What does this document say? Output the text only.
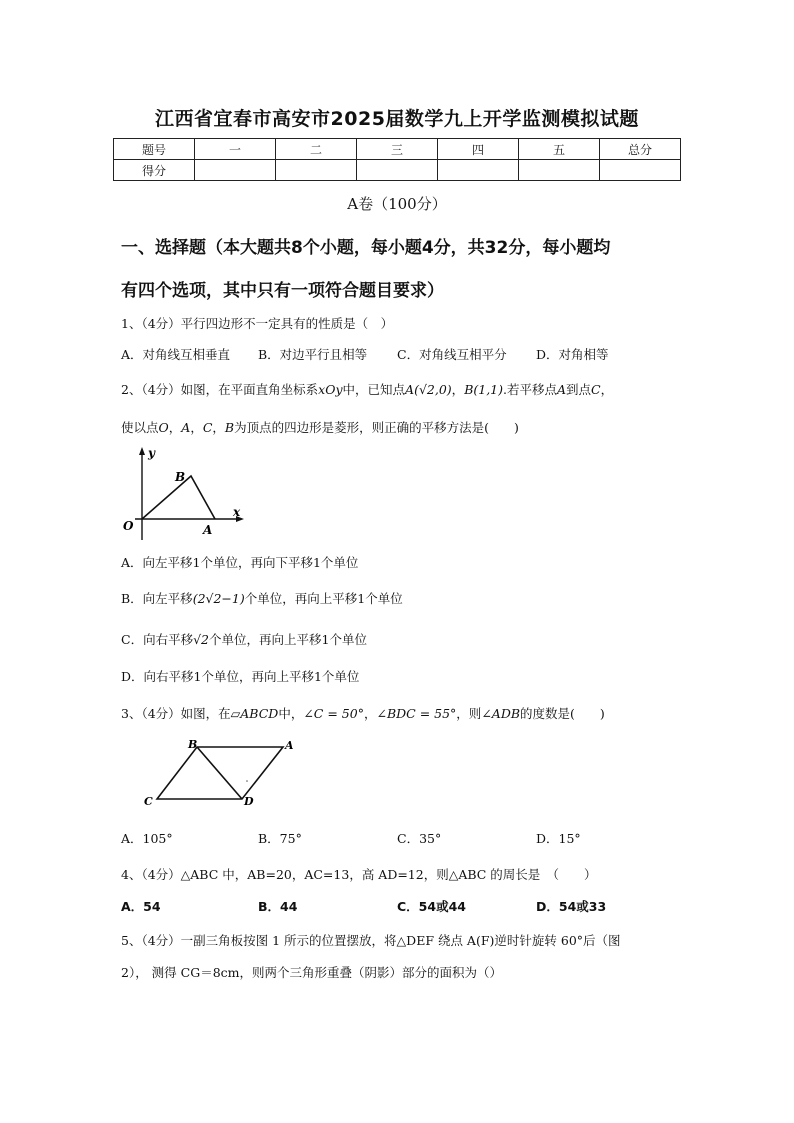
江西省宜春市高安市2025届数学九上开学监测模拟试题
题号	一	二	三	四	五	总分
得分						
A卷（100分）
一、选择题（本大题共8个小题，每小题4分，共32分，每小题均
有四个选项，其中只有一项符合题目要求）
1、（4分）平行四边形不一定具有的性质是（　）
A．对角线互相垂直 B．对边平行且相等 C．对角线互相平分 D．对角相等
2、（4分）如图，在平面直角坐标系xOy中，已知点A(√2,0)，B(1,1).若平移点A到点C，
使以点O，A，C，B为顶点的四边形是菱形，则正确的平移方法是(　　)
y
x
O	A
B
A．向左平移1个单位，再向下平移1个单位
B．向左平移(2√2−1)个单位，再向上平移1个单位
C．向右平移√2个单位，再向上平移1个单位
D．向右平移1个单位，再向上平移1个单位
3、（4分）如图，在▱ABCD中，∠C = 50°，∠BDC = 55°，则∠ADB的度数是(　　)
B	A
C	D
A．105°	B．75°	C．35°	D．15°
4、（4分）△ABC 中，AB=20，AC=13，高 AD=12，则△ABC 的周长是　（　　）
A．54	B．44	C．54或44	D．54或33
5、（4分）一副三角板按图 1 所示的位置摆放，将△DEF 绕点 A(F)逆时针旋转 60°后（图
2）， 测得 CG＝8cm，则两个三角形重叠（阴影）部分的面积为（）
